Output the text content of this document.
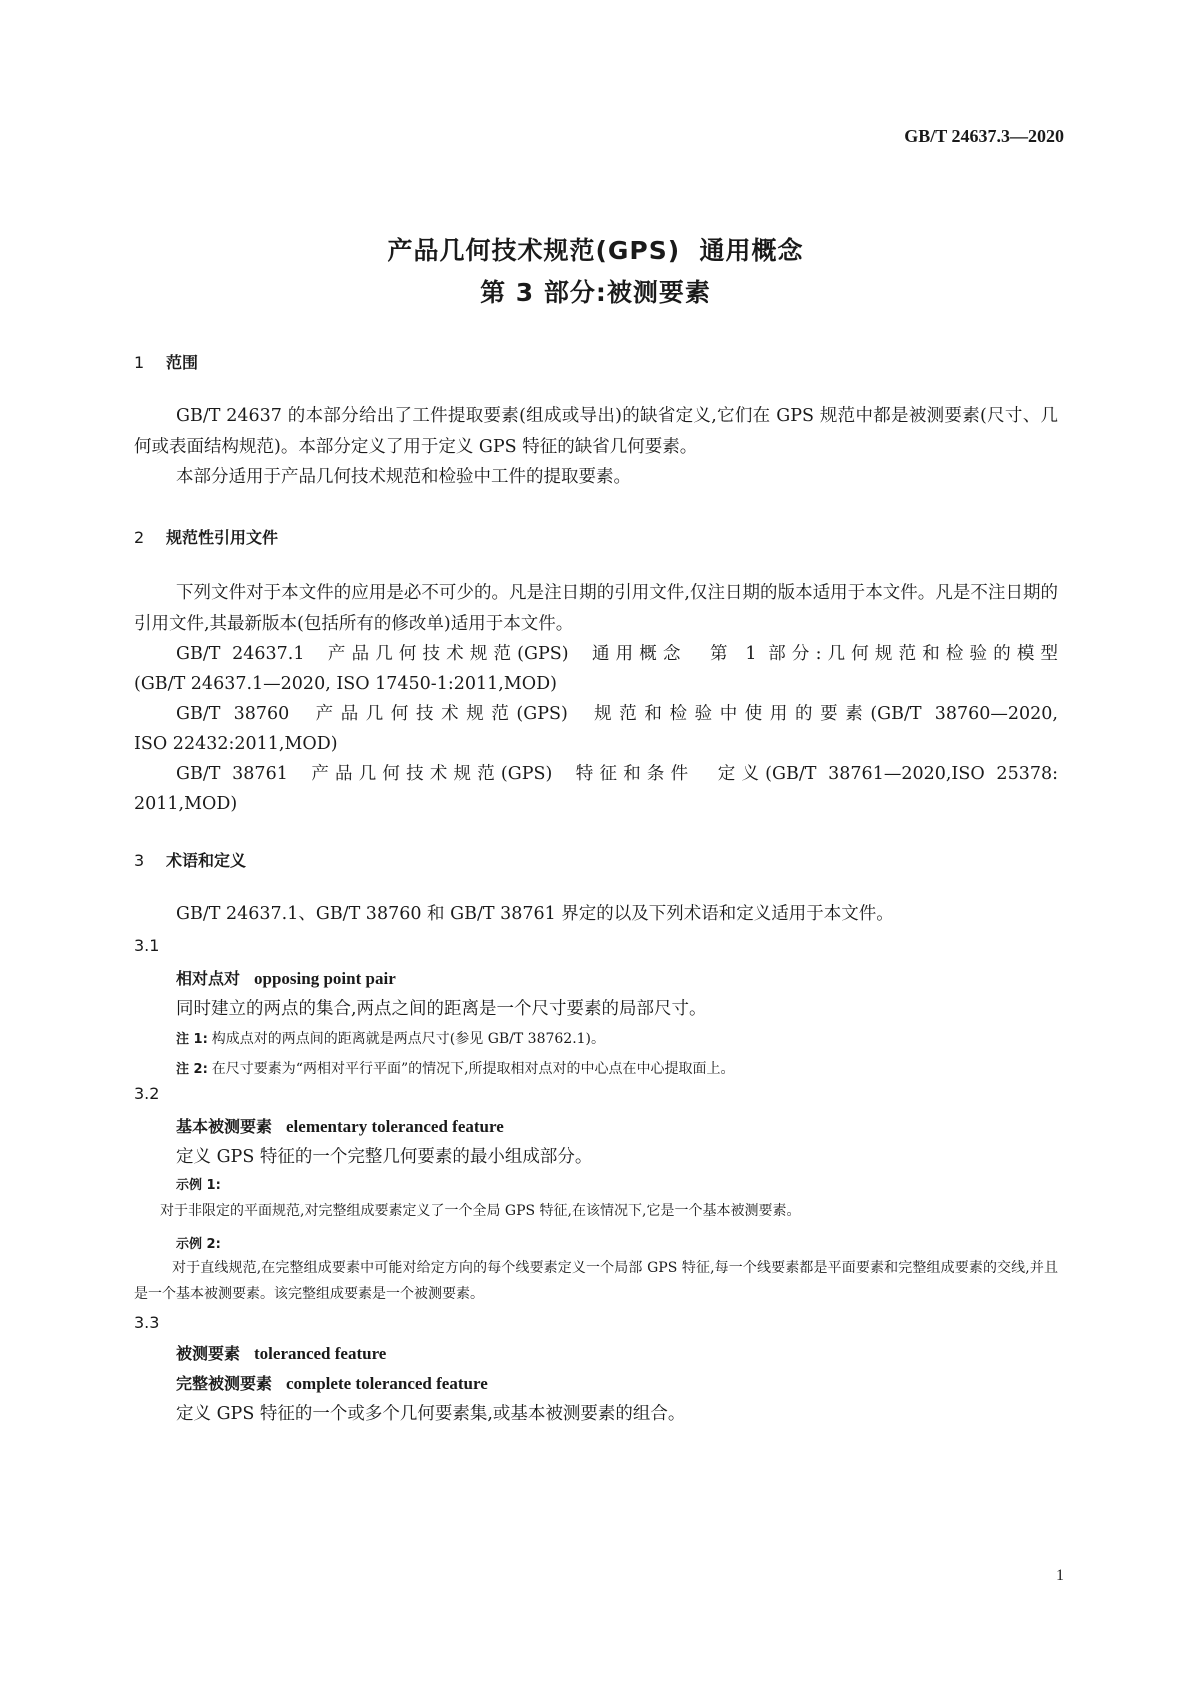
GB/T 24637.3—2020
产品几何技术规范(GPS)  通用概念
第 3 部分:被测要素
1 范围

GB/T 24637 的本部分给出了工件提取要素(组成或导出)的缺省定义,它们在 GPS 规范中都是被测要素(尺寸、几何或表面结构规范)。本部分定义了用于定义 GPS 特征的缺省几何要素。

本部分适用于产品几何技术规范和检验中工件的提取要素。

2 规范性引用文件

下列文件对于本文件的应用是必不可少的。凡是注日期的引用文件,仅注日期的版本适用于本文件。凡是不注日期的引用文件,其最新版本(包括所有的修改单)适用于本文件。

GB/T 24637.1  产品几何技术规范(GPS)  通用概念  第 1 部分:几何规范和检验的模型

(GB/T 24637.1—2020, ISO 17450-1:2011,MOD)

GB/T 38760  产品几何技术规范(GPS)  规范和检验中使用的要素(GB/T 38760—2020,

ISO 22432:2011,MOD)

GB/T 38761  产品几何技术规范(GPS)  特征和条件  定义(GB/T 38761—2020,ISO 25378:

2011,MOD)

3 术语和定义

GB/T 24637.1、GB/T 38760 和 GB/T 38761 界定的以及下列术语和定义适用于本文件。

3.1
相对点对 opposing point pair

同时建立的两点的集合,两点之间的距离是一个尺寸要素的局部尺寸。

注 1: 构成点对的两点间的距离就是两点尺寸(参见 GB/T 38762.1)。

注 2: 在尺寸要素为“两相对平行平面”的情况下,所提取相对点对的中心点在中心提取面上。

3.2
基本被测要素 elementary toleranced feature

定义 GPS 特征的一个完整几何要素的最小组成部分。

示例 1:

对于非限定的平面规范,对完整组成要素定义了一个全局 GPS 特征,在该情况下,它是一个基本被测要素。

示例 2:

对于直线规范,在完整组成要素中可能对给定方向的每个线要素定义一个局部 GPS 特征,每一个线要素都是平面要素和完整组成要素的交线,并且是一个基本被测要素。该完整组成要素是一个被测要素。

3.3
被测要素 toleranced feature
完整被测要素 complete toleranced feature

定义 GPS 特征的一个或多个几何要素集,或基本被测要素的组合。

1
